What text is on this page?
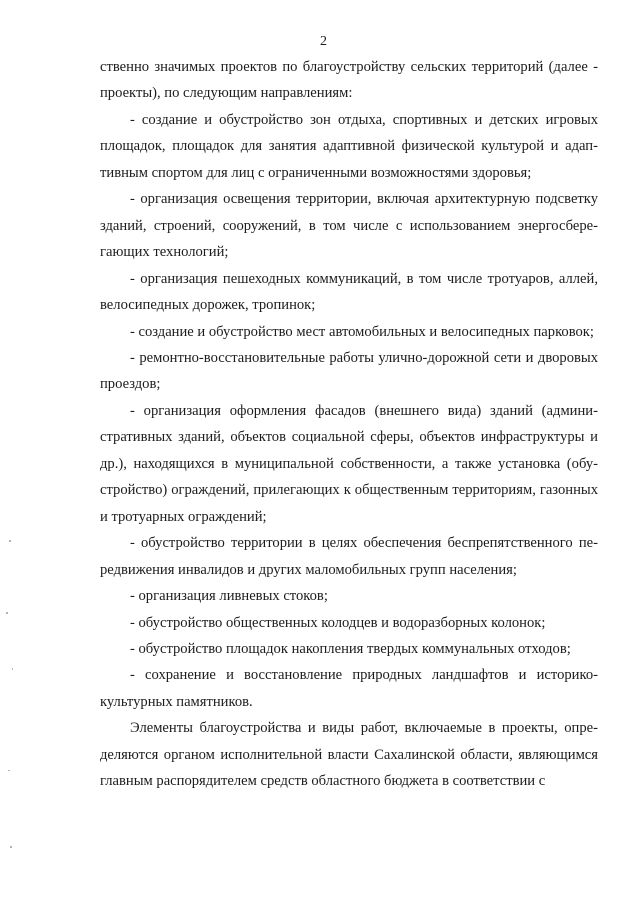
2

ственно значимых проектов по благоустройству сельских территорий (далее - проекты), по следующим направлениям:

- создание и обустройство зон отдыха, спортивных и детских игровых площадок, площадок для занятия адаптивной физической культурой и адаптивным спортом для лиц с ограниченными возможностями здоровья;

- организация освещения территории, включая архитектурную подсветку зданий, строений, сооружений, в том числе с использованием энергосберегающих технологий;

- организация пешеходных коммуникаций, в том числе тротуаров, аллей, велосипедных дорожек, тропинок;

- создание и обустройство мест автомобильных и велосипедных парковок;

- ремонтно-восстановительные работы улично-дорожной сети и дворовых проездов;

- организация оформления фасадов (внешнего вида) зданий (административных зданий, объектов социальной сферы, объектов инфраструктуры и др.), находящихся в муниципальной собственности, а также установка (обустройство) ограждений, прилегающих к общественным территориям, газонных и тротуарных ограждений;

- обустройство территории в целях обеспечения беспрепятственного передвижения инвалидов и других маломобильных групп населения;

- организация ливневых стоков;

- обустройство общественных колодцев и водоразборных колонок;

- обустройство площадок накопления твердых коммунальных отходов;

- сохранение и восстановление природных ландшафтов и историко-культурных памятников.

Элементы благоустройства и виды работ, включаемые в проекты, определяются органом исполнительной власти Сахалинской области, являющимся главным распорядителем средств областного бюджета в соответствии с
